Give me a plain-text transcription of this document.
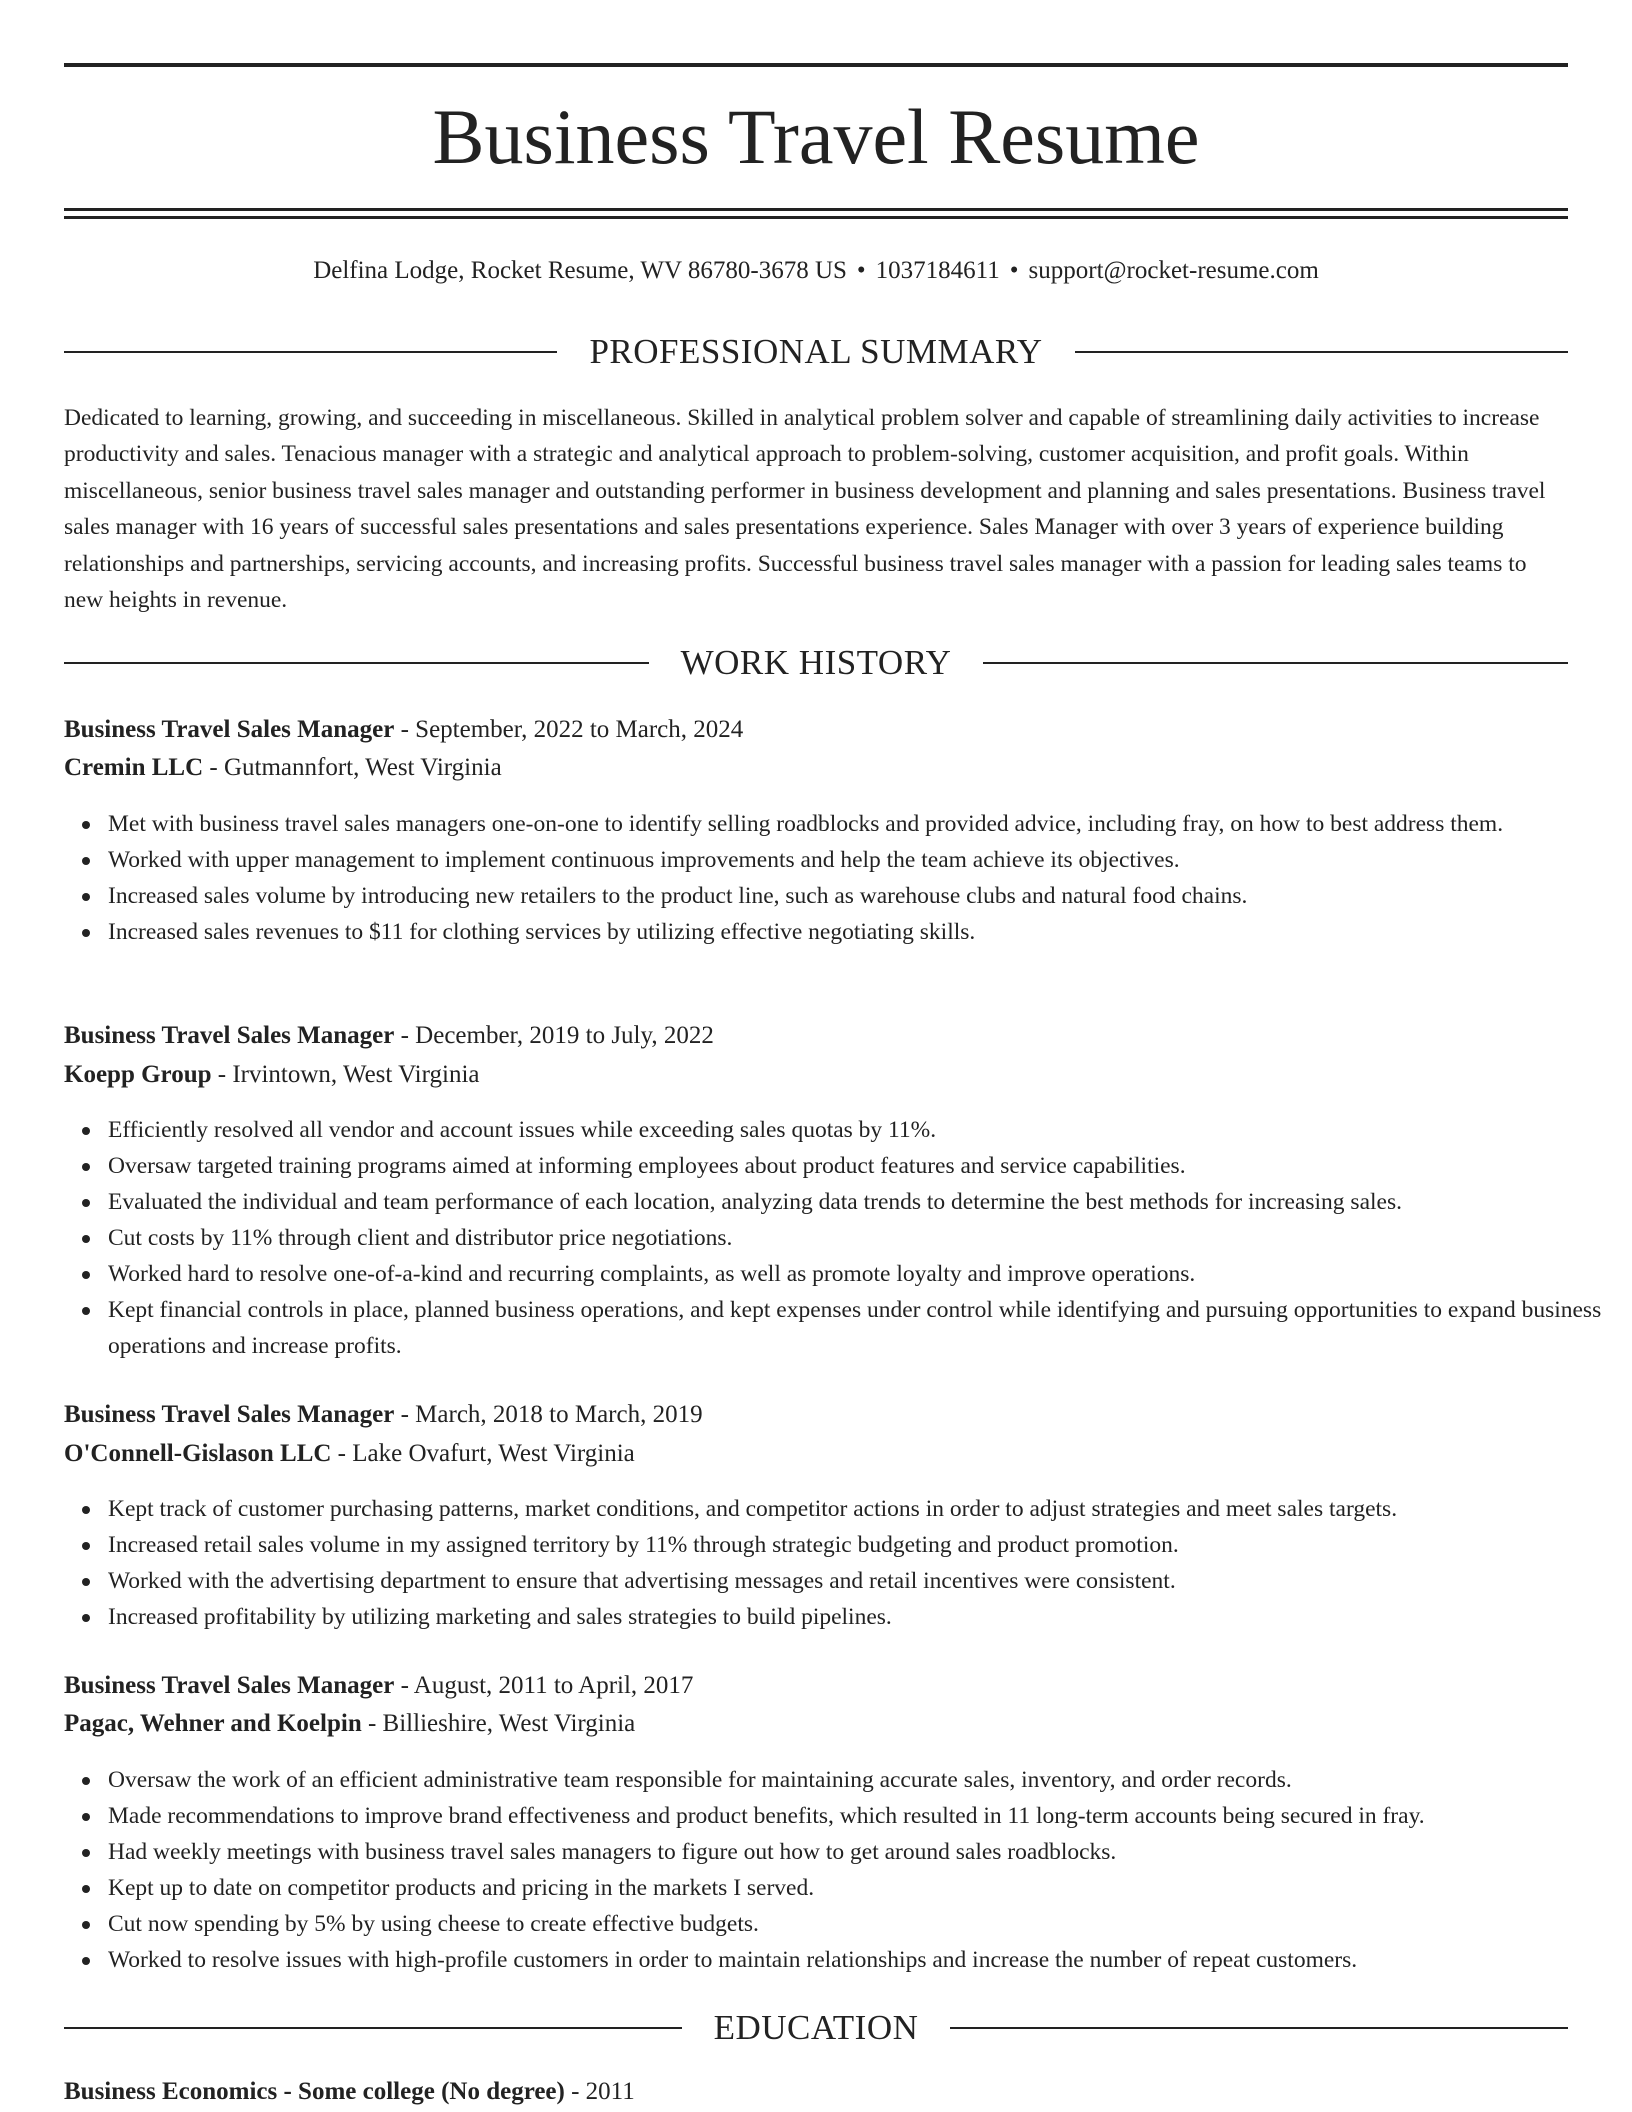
Business Travel Resume
Delfina Lodge, Rocket Resume, WV 86780-3678 US • 1037184611 • support@rocket-resume.com
PROFESSIONAL SUMMARY

Dedicated to learning, growing, and succeeding in miscellaneous. Skilled in analytical problem solver and capable of streamlining daily activities to increase productivity and sales. Tenacious manager with a strategic and analytical approach to problem-solving, customer acquisition, and profit goals. Within miscellaneous, senior business travel sales manager and outstanding performer in business development and planning and sales presentations. Business travel sales manager with 16 years of successful sales presentations and sales presentations experience. Sales Manager with over 3 years of experience building relationships and partnerships, servicing accounts, and increasing profits. Successful business travel sales manager with a passion for leading sales teams to new heights in revenue.

WORK HISTORY
Business Travel Sales Manager - September, 2022 to March, 2024
Cremin LLC - Gutmannfort, West Virginia
Met with business travel sales managers one-on-one to identify selling roadblocks and provided advice, including fray, on how to best address them.
Worked with upper management to implement continuous improvements and help the team achieve its objectives.
Increased sales volume by introducing new retailers to the product line, such as warehouse clubs and natural food chains.
Increased sales revenues to $11 for clothing services by utilizing effective negotiating skills.
Business Travel Sales Manager - December, 2019 to July, 2022
Koepp Group - Irvintown, West Virginia
Efficiently resolved all vendor and account issues while exceeding sales quotas by 11%.
Oversaw targeted training programs aimed at informing employees about product features and service capabilities.
Evaluated the individual and team performance of each location, analyzing data trends to determine the best methods for increasing sales.
Cut costs by 11% through client and distributor price negotiations.
Worked hard to resolve one-of-a-kind and recurring complaints, as well as promote loyalty and improve operations.
Kept financial controls in place, planned business operations, and kept expenses under control while identifying and pursuing opportunities to expand business operations and increase profits.
Business Travel Sales Manager - March, 2018 to March, 2019
O'Connell-Gislason LLC - Lake Ovafurt, West Virginia
Kept track of customer purchasing patterns, market conditions, and competitor actions in order to adjust strategies and meet sales targets.
Increased retail sales volume in my assigned territory by 11% through strategic budgeting and product promotion.
Worked with the advertising department to ensure that advertising messages and retail incentives were consistent.
Increased profitability by utilizing marketing and sales strategies to build pipelines.
Business Travel Sales Manager - August, 2011 to April, 2017
Pagac, Wehner and Koelpin - Billieshire, West Virginia
Oversaw the work of an efficient administrative team responsible for maintaining accurate sales, inventory, and order records.
Made recommendations to improve brand effectiveness and product benefits, which resulted in 11 long-term accounts being secured in fray.
Had weekly meetings with business travel sales managers to figure out how to get around sales roadblocks.
Kept up to date on competitor products and pricing in the markets I served.
Cut now spending by 5% by using cheese to create effective budgets.
Worked to resolve issues with high-profile customers in order to maintain relationships and increase the number of repeat customers.
EDUCATION
Business Economics - Some college (No degree) - 2011
